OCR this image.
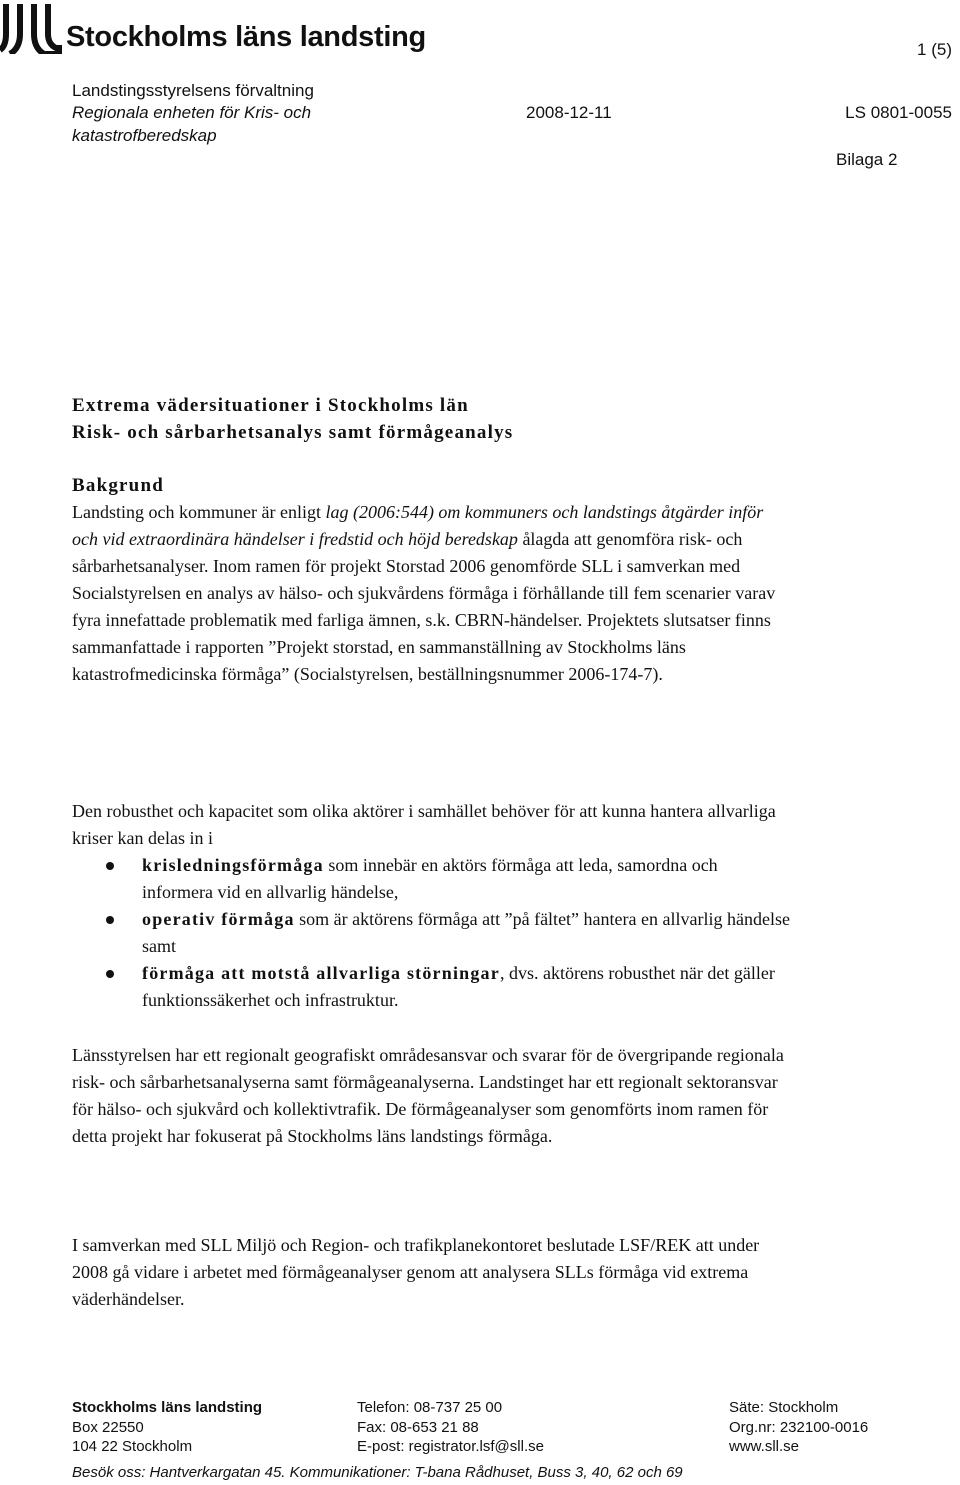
Stockholms läns landsting	1 (5)
Landstingsstyrelsens förvaltning
Regionala enheten för Kris- och katastrofberedskap
2008-12-11	LS 0801-0055
Bilaga 2
Extrema vädersituationer i Stockholms län
Risk- och sårbarhetsanalys samt förmågeanalys
Bakgrund
Landsting och kommuner är enligt lag (2006:544) om kommuners och landstings åtgärder inför och vid extraordinära händelser i fredstid och höjd beredskap ålagda att genomföra risk- och sårbarhetsanalyser. Inom ramen för projekt Storstad 2006 genomförde SLL i samverkan med Socialstyrelsen en analys av hälso- och sjukvårdens förmåga i förhållande till fem scenarier varav fyra innefattade problematik med farliga ämnen, s.k. CBRN-händelser. Projektets slutsatser finns sammanfattade i rapporten ”Projekt storstad, en sammanställning av Stockholms läns katastrofmedicinska förmåga” (Socialstyrelsen, beställningsnummer 2006-174-7).
Den robusthet och kapacitet som olika aktörer i samhället behöver för att kunna hantera allvarliga kriser kan delas in i
krisledningsförmåga som innebär en aktörs förmåga att leda, samordna och informera vid en allvarlig händelse,
operativ förmåga som är aktörens förmåga att ”på fältet” hantera en allvarlig händelse samt
förmåga att motstå allvarliga störningar, dvs. aktörens robusthet när det gäller funktionssäkerhet och infrastruktur.
Länsstyrelsen har ett regionalt geografiskt områdesansvar och svarar för de övergripande regionala risk- och sårbarhetsanalyserna samt förmågeanalyserna. Landstinget har ett regionalt sektoransvar för hälso- och sjukvård och kollektivtrafik. De förmågeanalyser som genomförts inom ramen för detta projekt har fokuserat på Stockholms läns landstings förmåga.
I samverkan med SLL Miljö och Region- och trafikplanekontoret beslutade LSF/REK att under 2008 gå vidare i arbetet med förmågeanalyser genom att analysera SLLs förmåga vid extrema väderhändelser.
Stockholms läns landsting
Box 22550
104 22 Stockholm
Telefon: 08-737 25 00
Fax: 08-653 21 88
E-post: registrator.lsf@sll.se
Säte: Stockholm
Org.nr: 232100-0016
www.sll.se
Besök oss: Hantverkargatan 45. Kommunikationer: T-bana Rådhuset, Buss 3, 40, 62 och 69
